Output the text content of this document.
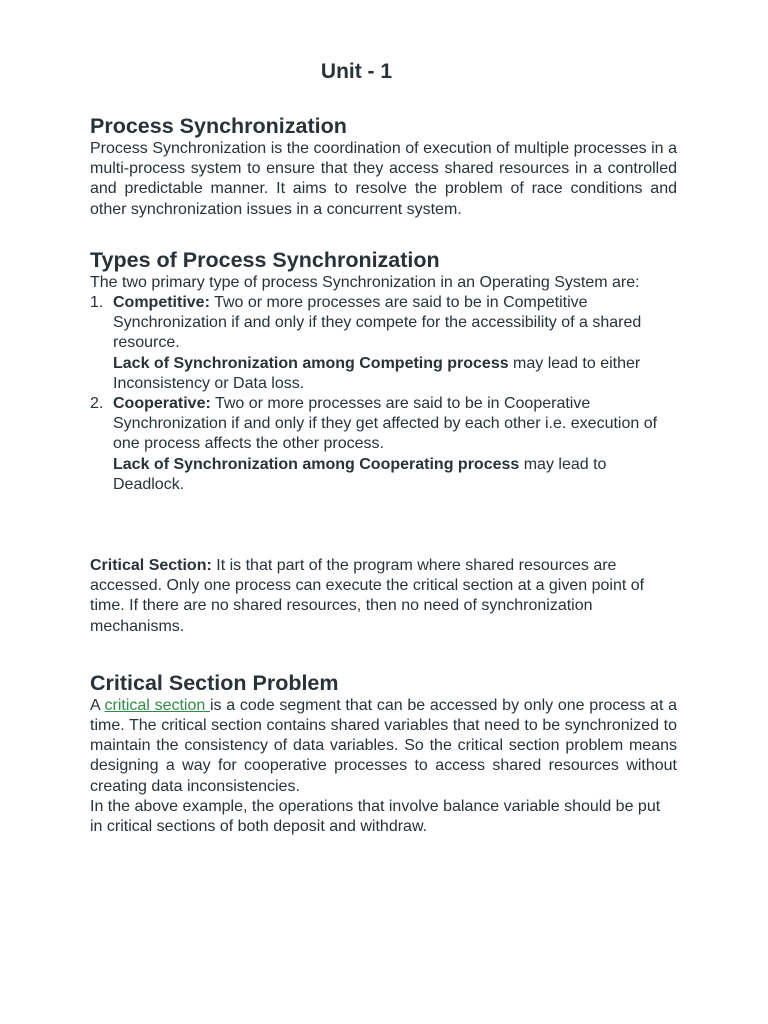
Unit - 1
Process Synchronization

Process Synchronization is the coordination of execution of multiple processes in a multi-process system to ensure that they access shared resources in a controlled and predictable manner. It aims to resolve the problem of race conditions and other synchronization issues in a concurrent system.

Types of Process Synchronization

The two primary type of process Synchronization in an Operating System are:

1. Competitive: Two or more processes are said to be in Competitive Synchronization if and only if they compete for the accessibility of a shared resource.
Lack of Synchronization among Competing process may lead to either Inconsistency or Data loss.
2. Cooperative: Two or more processes are said to be in Cooperative Synchronization if and only if they get affected by each other i.e. execution of one process affects the other process.
Lack of Synchronization among Cooperating process may lead to Deadlock.

Critical Section: It is that part of the program where shared resources are accessed. Only one process can execute the critical section at a given point of time. If there are no shared resources, then no need of synchronization mechanisms.

Critical Section Problem

A critical section is a code segment that can be accessed by only one process at a time. The critical section contains shared variables that need to be synchronized to maintain the consistency of data variables. So the critical section problem means designing a way for cooperative processes to access shared resources without creating data inconsistencies.

In the above example, the operations that involve balance variable should be put in critical sections of both deposit and withdraw.
